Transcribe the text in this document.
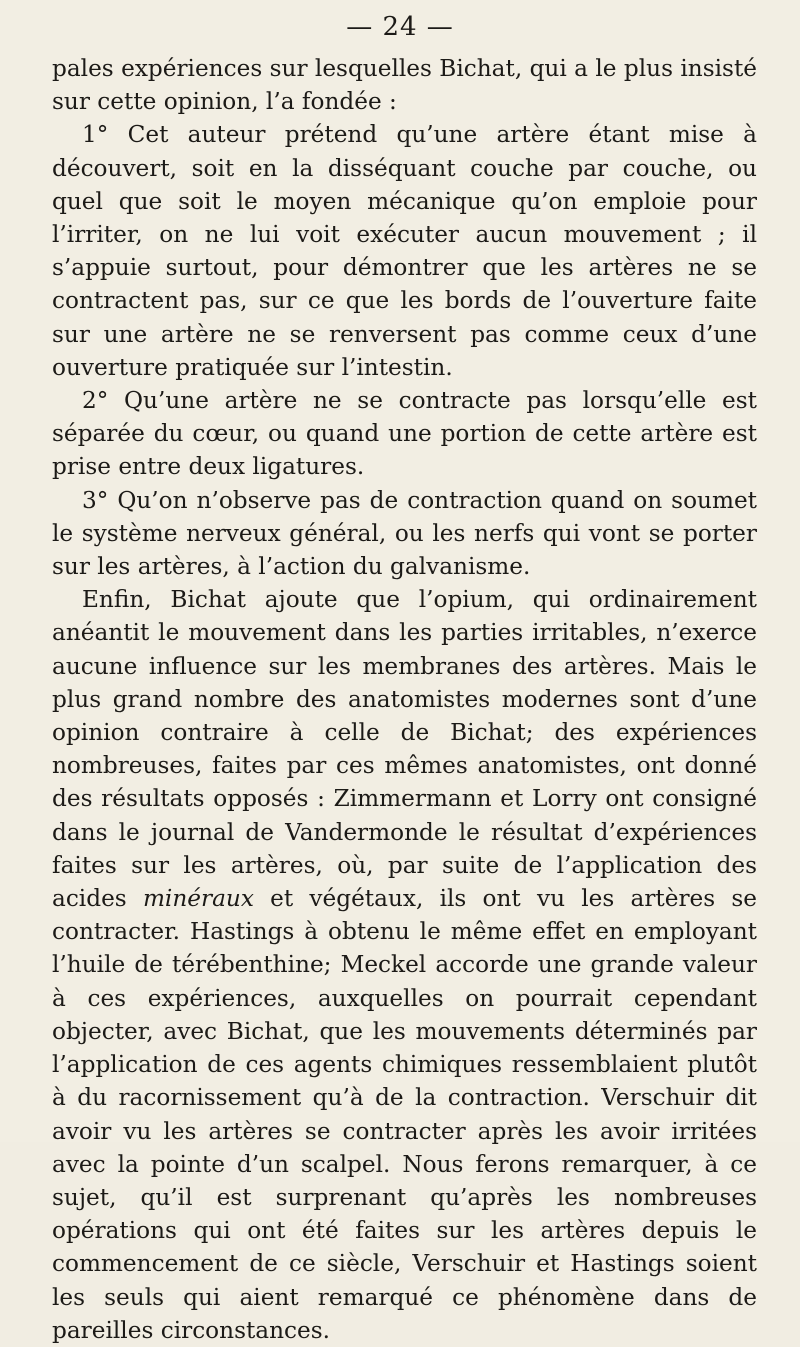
— 24 —

pales expériences sur lesquelles Bichat, qui a le plus insisté sur cette opinion, l’a fondée :

1° Cet auteur prétend qu’une artère étant mise à découvert, soit en la disséquant couche par couche, ou quel que soit le moyen mécanique qu’on emploie pour l’irriter, on ne lui voit exécuter aucun mouvement ; il s’appuie surtout, pour démontrer que les artères ne se contractent pas, sur ce que les bords de l’ouverture faite sur une artère ne se renversent pas comme ceux d’une ouverture pratiquée sur l’intestin.

2° Qu’une artère ne se contracte pas lorsqu’elle est séparée du cœur, ou quand une portion de cette artère est prise entre deux ligatures.

3° Qu’on n’observe pas de contraction quand on soumet le système nerveux général, ou les nerfs qui vont se porter sur les artères, à l’action du galvanisme.

Enfin, Bichat ajoute que l’opium, qui ordinairement anéantit le mouvement dans les parties irritables, n’exerce aucune influence sur les membranes des artères. Mais le plus grand nombre des anatomistes modernes sont d’une opinion contraire à celle de Bichat; des expériences nombreuses, faites par ces mêmes anatomistes, ont donné des résultats opposés : Zimmermann et Lorry ont consigné dans le journal de Vandermonde le résultat d’expériences faites sur les artères, où, par suite de l’application des acides minéraux et végétaux, ils ont vu les artères se contracter. Hastings à obtenu le même effet en employant l’huile de térébenthine; Meckel accorde une grande valeur à ces expériences, auxquelles on pourrait cependant objecter, avec Bichat, que les mouvements déterminés par l’application de ces agents chimiques ressemblaient plutôt à du racornissement qu’à de la contraction. Verschuir dit avoir vu les artères se contracter après les avoir irritées avec la pointe d’un scalpel. Nous ferons remarquer, à ce sujet, qu’il est surprenant qu’après les nombreuses opérations qui ont été faites sur les artères depuis le commencement de ce siècle, Verschuir et Hastings soient les seuls qui aient remarqué ce phénomène dans de pareilles circonstances.
